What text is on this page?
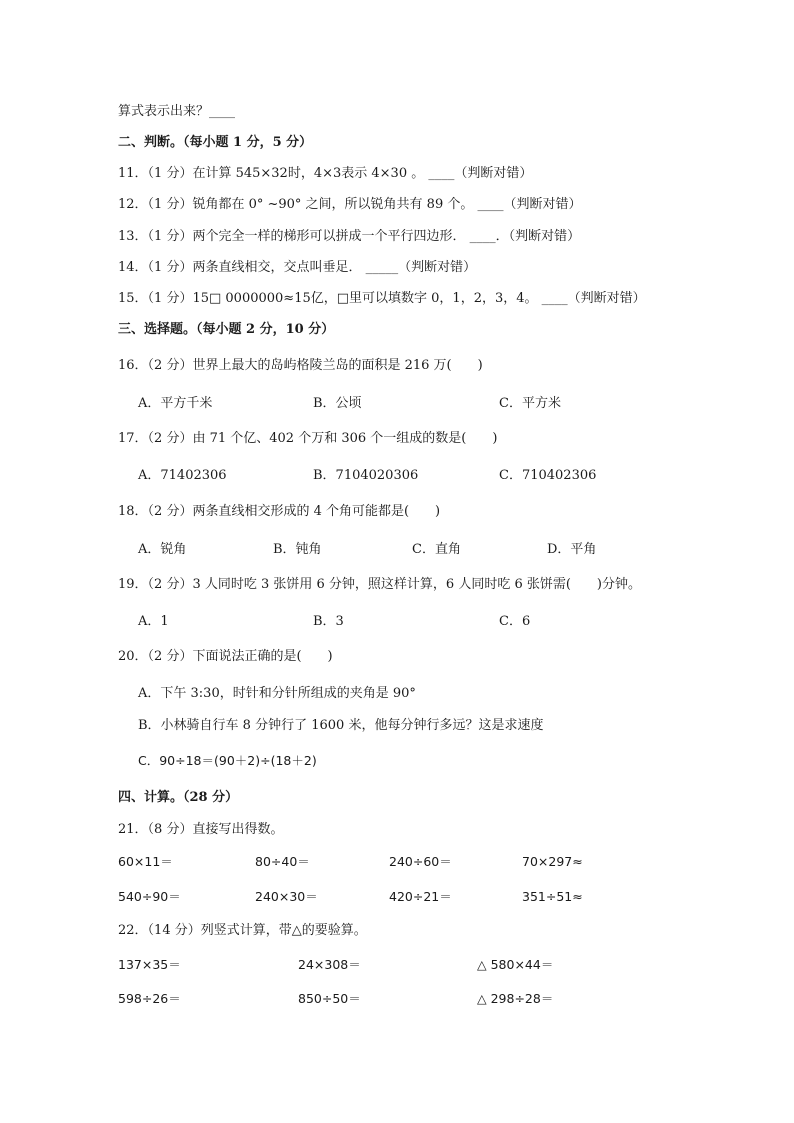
算式表示出来？____
二、判断。（每小题 1 分，5 分）
11．（1 分）在计算 545×32时，4×3表示 4×30 。 ____（判断对错）
12．（1 分）锐角都在 0° ~90° 之间，所以锐角共有 89 个。 ____（判断对错）
13．（1 分）两个完全一样的梯形可以拼成一个平行四边形． ____．（判断对错）
14．（1 分）两条直线相交，交点叫垂足． _____（判断对错）
15．（1 分）15□ 0000000≈15亿，□里可以填数字 0，1，2，3，4。 ____（判断对错）
三、选择题。（每小题 2 分，10 分）
16．（2 分）世界上最大的岛屿格陵兰岛的面积是 216 万(　　)
A．平方千米	B．公顷	C．平方米
17．（2 分）由 71 个亿、402 个万和 306 个一组成的数是(　　)
A．71402306	B．7104020306	C．710402306
18．（2 分）两条直线相交形成的 4 个角可能都是(　　)
A．锐角	B．钝角	C．直角	D．平角
19．（2 分）3 人同时吃 3 张饼用 6 分钟，照这样计算，6 人同时吃 6 张饼需(　　)分钟。
A．1	B．3	C．6
20．（2 分）下面说法正确的是(　　)
A．下午 3:30，时针和分针所组成的夹角是 90°
B．小林骑自行车 8 分钟行了 1600 米，他每分钟行多远？这是求速度
C．90÷18＝(90＋2)÷(18＋2)
四、计算。（28 分）
21．（8 分）直接写出得数。
60×11＝	80÷40＝	240÷60＝	70×297≈
540÷90＝	240×30＝	420÷21＝	351÷51≈
22．（14 分）列竖式计算，带△的要验算。
137×35＝	24×308＝	△ 580×44＝
598÷26＝	850÷50＝	△ 298÷28＝
